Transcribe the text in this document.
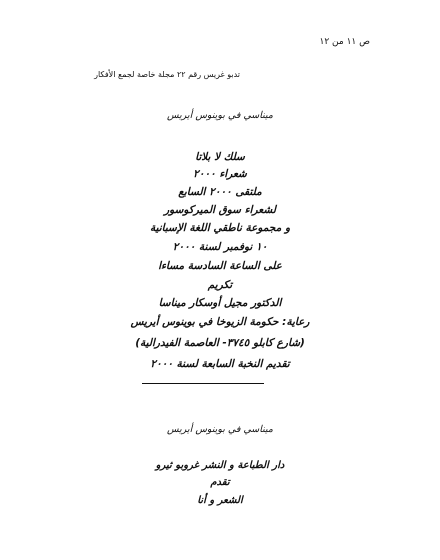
ص ١١ من ١٢
تدبو غريس رقم ٢٢ مجلة خاصة لجمع الأفكار
ميناسي في بوينوس أيريس
سلك لا بلاتا
شعراء ٢٠٠٠
ملتقى ٢٠٠٠ السابع
لشعراء سوق الميركوسور
و مجموعة ناطقي اللغة الإسبانية
١٠ نوفمبر لسنة ٢٠٠٠
على الساعة السادسة مساءا
تكريم
الدكتور مجيل أوسكار ميناسا
رعاية: حكومة الزيوخا في بوينوس أيريس
(شارع كابلو ٣٧٤٥- العاصمة الفيدرالية)
تقديم النخبة السابعة لسنة ٢٠٠٠
ميناسي في بوينوس أيريس
دار الطباعة و النشر غروبو ثيرو
تقدم
الشعر و أنا
